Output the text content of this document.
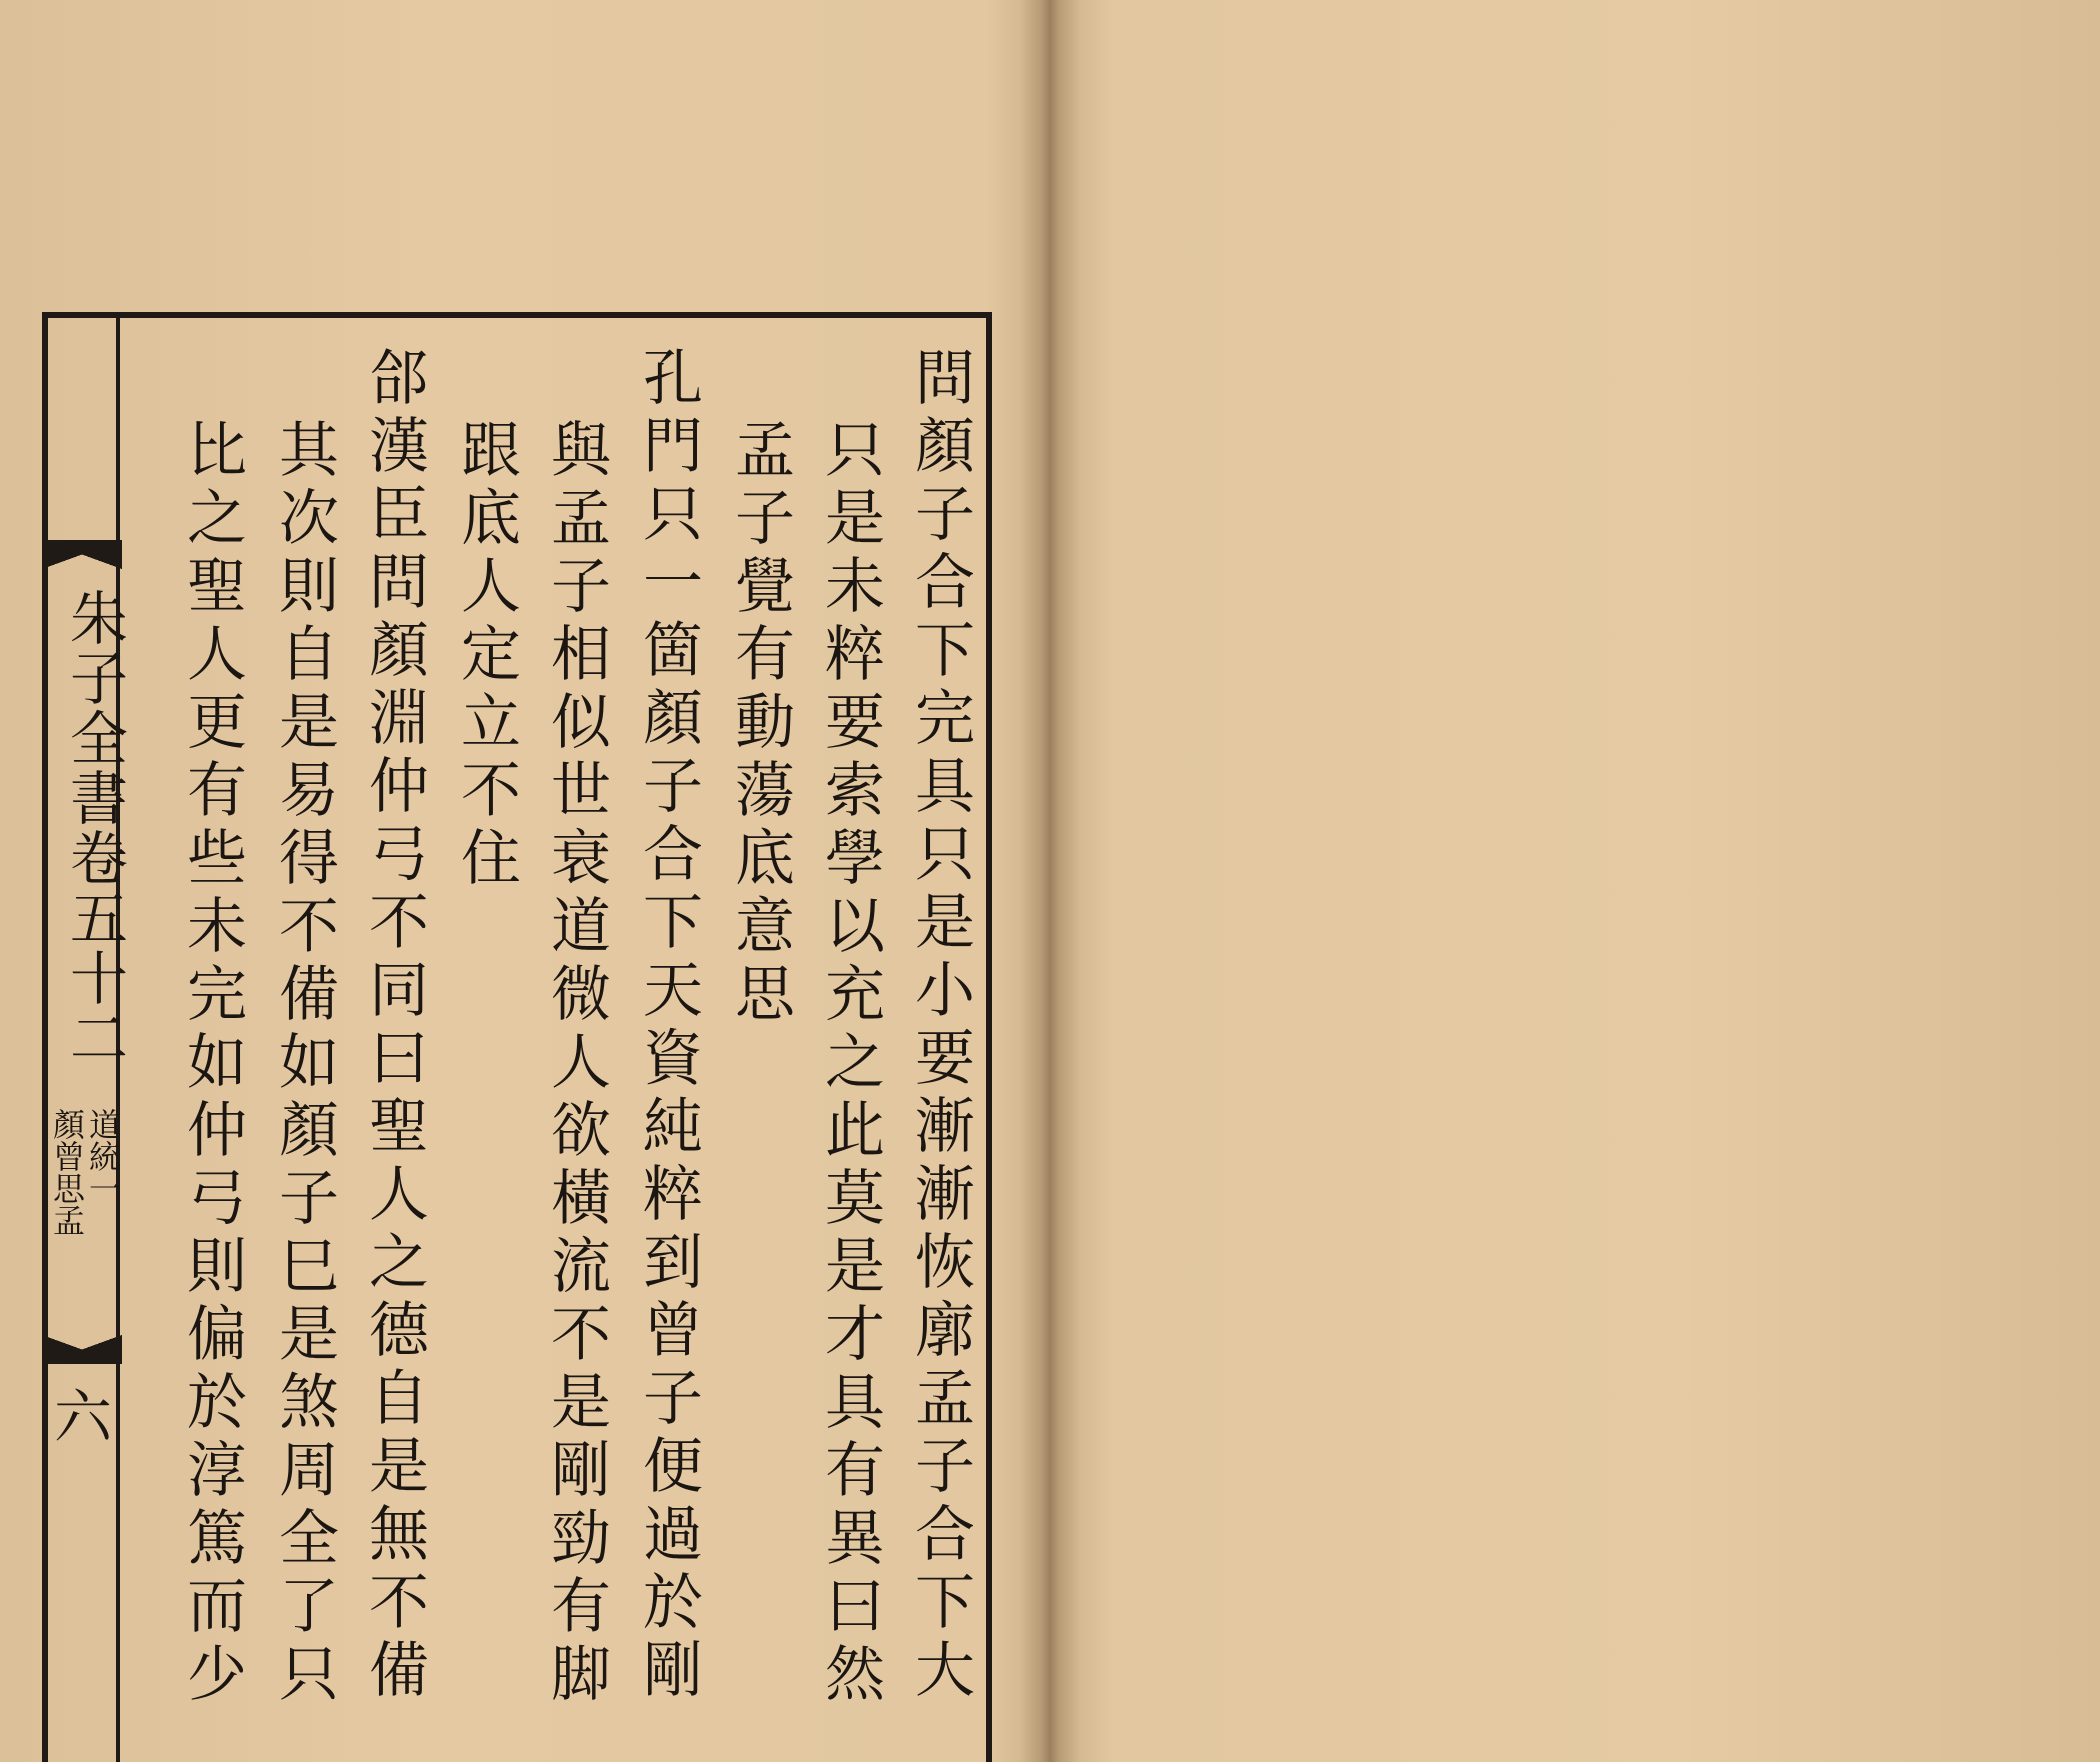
朱子全書卷五十二
道統一
顏曾思孟
六	問顏子合下完具只是小要漸漸恢廓孟子合下大
只是未粹要索學以充之此莫是才具有異曰然
孟子覺有動蕩底意思
孔門只一箇顏子合下天資純粹到曾子便過於剛
與孟子相似世衰道微人欲橫流不是剛勁有脚
跟底人定立不住
郃漢臣問顏淵仲弓不同曰聖人之德自是無不備
其次則自是易得不備如顏子巳是煞周全了只
比之聖人更有些未完如仲弓則偏於淳篤而少
